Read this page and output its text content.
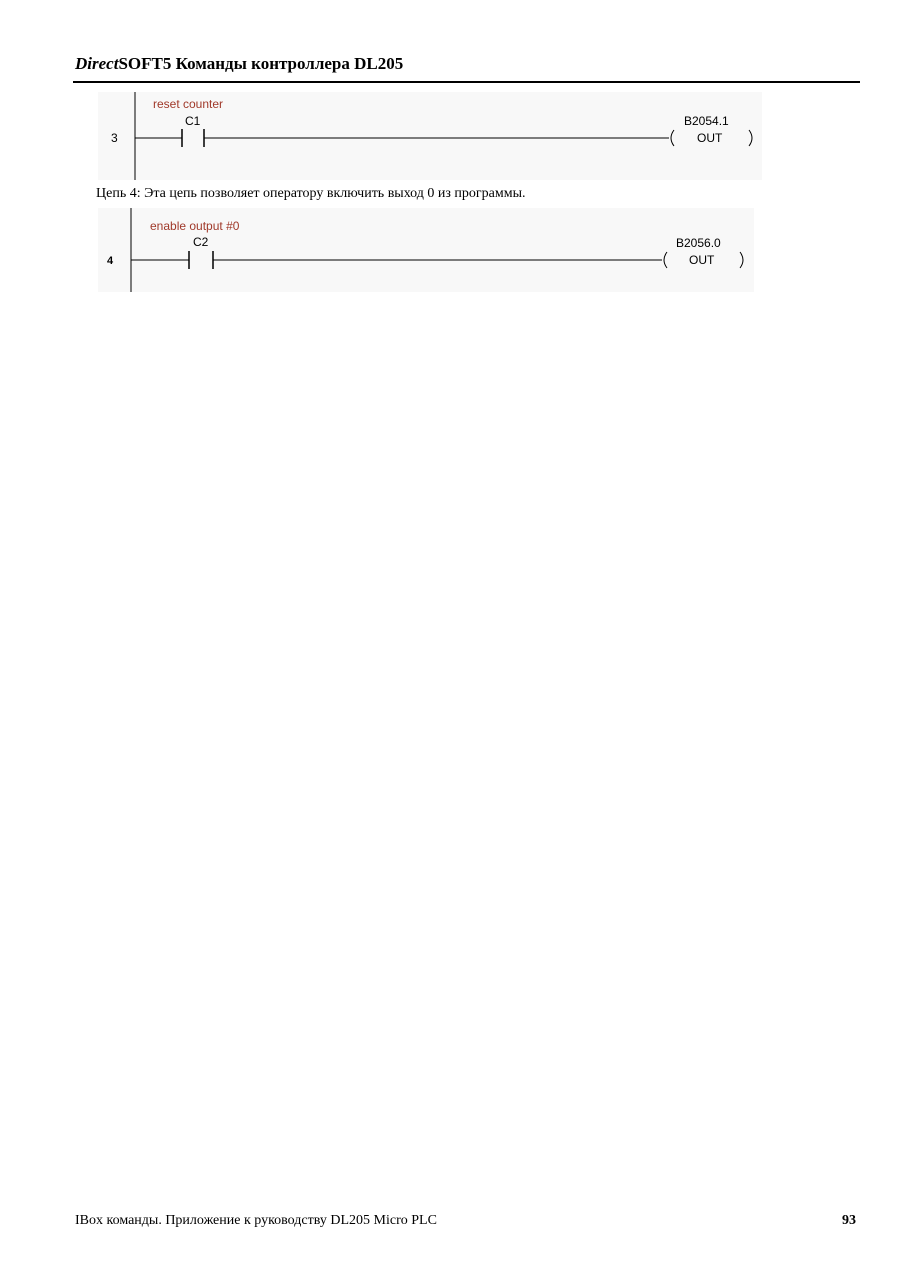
DirectSOFT5 Команды контроллера DL205
3
reset counter
C1	B2054.1
OUT
Цепь 4: Эта цепь позволяет оператору включить выход 0 из программы.
4
enable output #0
C2	B2056.0
OUT
IBox команды. Приложение к руководству DL205 Micro PLC	93
